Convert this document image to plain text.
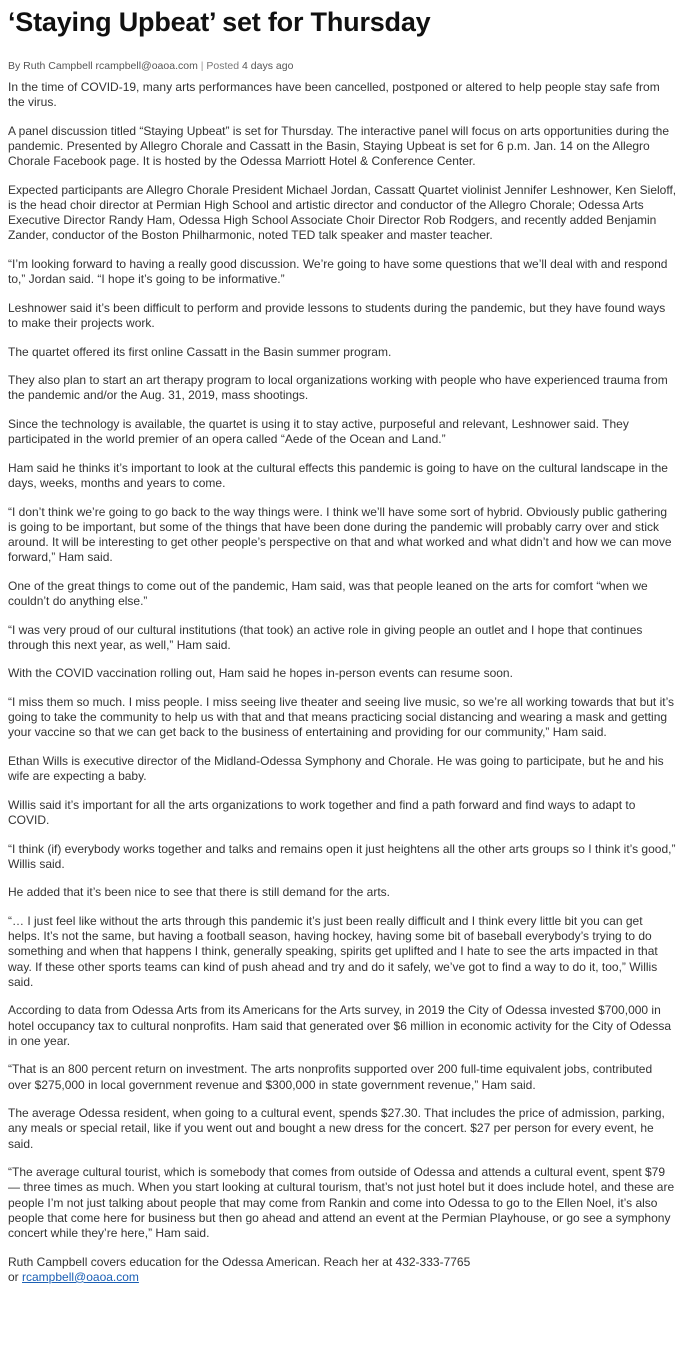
‘Staying Upbeat’ set for Thursday
By Ruth Campbell rcampbell@oaoa.com | Posted 4 days ago

In the time of COVID-19, many arts performances have been cancelled, postponed or altered to help people stay safe from the virus.

A panel discussion titled “Staying Upbeat” is set for Thursday. The interactive panel will focus on arts opportunities during the pandemic. Presented by Allegro Chorale and Cassatt in the Basin, Staying Upbeat is set for 6 p.m. Jan. 14 on the Allegro Chorale Facebook page. It is hosted by the Odessa Marriott Hotel & Conference Center.

Expected participants are Allegro Chorale President Michael Jordan, Cassatt Quartet violinist Jennifer Leshnower, Ken Sieloff, is the head choir director at Permian High School and artistic director and conductor of the Allegro Chorale; Odessa Arts Executive Director Randy Ham, Odessa High School Associate Choir Director Rob Rodgers, and recently added Benjamin Zander, conductor of the Boston Philharmonic, noted TED talk speaker and master teacher.

“I’m looking forward to having a really good discussion. We’re going to have some questions that we’ll deal with and respond to,” Jordan said. “I hope it’s going to be informative.”

Leshnower said it’s been difficult to perform and provide lessons to students during the pandemic, but they have found ways to make their projects work.

The quartet offered its first online Cassatt in the Basin summer program.

They also plan to start an art therapy program to local organizations working with people who have experienced trauma from the pandemic and/or the Aug. 31, 2019, mass shootings.

Since the technology is available, the quartet is using it to stay active, purposeful and relevant, Leshnower said. They participated in the world premier of an opera called “Aede of the Ocean and Land.”

Ham said he thinks it’s important to look at the cultural effects this pandemic is going to have on the cultural landscape in the days, weeks, months and years to come.

“I don’t think we’re going to go back to the way things were. I think we’ll have some sort of hybrid. Obviously public gathering is going to be important, but some of the things that have been done during the pandemic will probably carry over and stick around. It will be interesting to get other people’s perspective on that and what worked and what didn’t and how we can move forward,” Ham said.

One of the great things to come out of the pandemic, Ham said, was that people leaned on the arts for comfort “when we couldn’t do anything else.”

“I was very proud of our cultural institutions (that took) an active role in giving people an outlet and I hope that continues through this next year, as well,” Ham said.

With the COVID vaccination rolling out, Ham said he hopes in-person events can resume soon.

“I miss them so much. I miss people. I miss seeing live theater and seeing live music, so we’re all working towards that but it’s going to take the community to help us with that and that means practicing social distancing and wearing a mask and getting your vaccine so that we can get back to the business of entertaining and providing for our community,” Ham said.

Ethan Wills is executive director of the Midland-Odessa Symphony and Chorale. He was going to participate, but he and his wife are expecting a baby.

Willis said it’s important for all the arts organizations to work together and find a path forward and find ways to adapt to COVID.

“I think (if) everybody works together and talks and remains open it just heightens all the other arts groups so I think it’s good,” Willis said.

He added that it’s been nice to see that there is still demand for the arts.

“… I just feel like without the arts through this pandemic it’s just been really difficult and I think every little bit you can get helps. It’s not the same, but having a football season, having hockey, having some bit of baseball everybody’s trying to do something and when that happens I think, generally speaking, spirits get uplifted and I hate to see the arts impacted in that way. If these other sports teams can kind of push ahead and try and do it safely, we’ve got to find a way to do it, too,” Willis said.

According to data from Odessa Arts from its Americans for the Arts survey, in 2019 the City of Odessa invested $700,000 in hotel occupancy tax to cultural nonprofits. Ham said that generated over $6 million in economic activity for the City of Odessa in one year.

“That is an 800 percent return on investment. The arts nonprofits supported over 200 full-time equivalent jobs, contributed over $275,000 in local government revenue and $300,000 in state government revenue,” Ham said.

The average Odessa resident, when going to a cultural event, spends $27.30. That includes the price of admission, parking, any meals or special retail, like if you went out and bought a new dress for the concert. $27 per person for every event, he said.

“The average cultural tourist, which is somebody that comes from outside of Odessa and attends a cultural event, spent $79 — three times as much. When you start looking at cultural tourism, that’s not just hotel but it does include hotel, and these are people I’m not just talking about people that may come from Rankin and come into Odessa to go to the Ellen Noel, it’s also people that come here for business but then go ahead and attend an event at the Permian Playhouse, or go see a symphony concert while they’re here,” Ham said.

Ruth Campbell covers education for the Odessa American. Reach her at 432-333-7765
or rcampbell@oaoa.com
